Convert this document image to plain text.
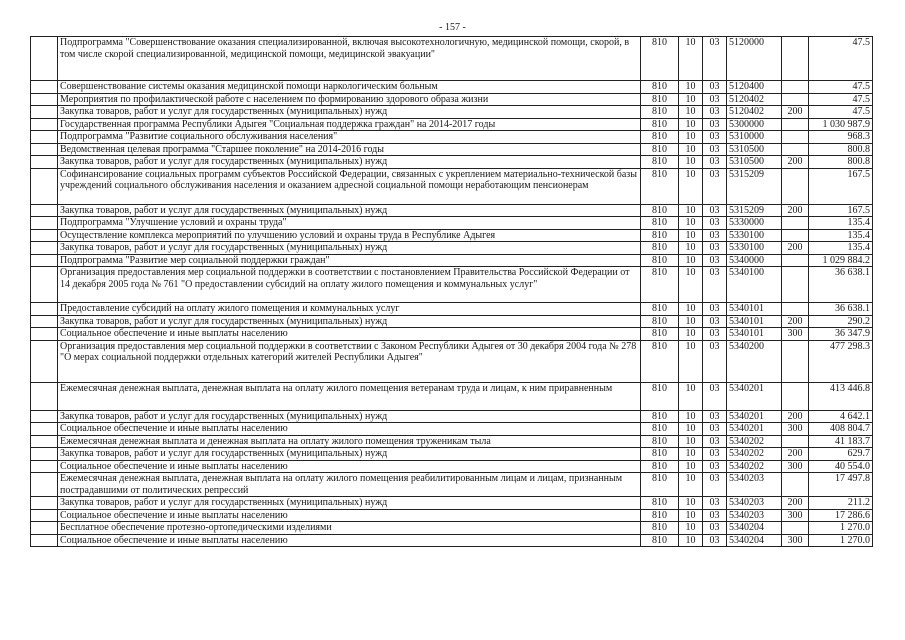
- 157 -
	Подпрограмма "Совершенствование оказания специализированной, включая высокотехнологичную, медицинской помощи, скорой, в том числе скорой специализированной, медицинской помощи, медицинской эвакуации"	810	10	03	5120000		47.5
	Совершенствование системы оказания медицинской помощи наркологическим больным	810	10	03	5120400		47.5
	Мероприятия по профилактической работе с населением по формированию здорового образа жизни	810	10	03	5120402		47.5
	Закупка товаров, работ и услуг для государственных (муниципальных) нужд	810	10	03	5120402	200	47.5
	Государственная программа Республики Адыгея "Социальная поддержка граждан" на 2014-2017 годы	810	10	03	5300000		1 030 987.9
	Подпрограмма "Развитие социального обслуживания населения"	810	10	03	5310000		968.3
	Ведомственная целевая программа "Старшее поколение" на 2014-2016 годы	810	10	03	5310500		800.8
	Закупка товаров, работ и услуг для государственных (муниципальных) нужд	810	10	03	5310500	200	800.8
	Софинансирование социальных программ субъектов Российской Федерации, связанных с укреплением материально-технической базы учреждений социального обслуживания населения и оказанием адресной социальной помощи неработающим пенсионерам	810	10	03	5315209		167.5
	Закупка товаров, работ и услуг для государственных (муниципальных) нужд	810	10	03	5315209	200	167.5
	Подпрограмма "Улучшение условий и охраны труда"	810	10	03	5330000		135.4
	Осуществление комплекса мероприятий по улучшению условий и охраны труда в Республике Адыгея	810	10	03	5330100		135.4
	Закупка товаров, работ и услуг для государственных (муниципальных) нужд	810	10	03	5330100	200	135.4
	Подпрограмма "Развитие мер социальной поддержки граждан"	810	10	03	5340000		1 029 884.2
	Организация предоставления мер социальной поддержки в соответствии с постановлением Правительства Российской Федерации от 14 декабря 2005 года № 761 "О предоставлении субсидий на оплату жилого помещения и коммунальных услуг"	810	10	03	5340100		36 638.1
	Предоставление субсидий на оплату жилого помещения и коммунальных услуг	810	10	03	5340101		36 638.1
	Закупка товаров, работ и услуг для государственных (муниципальных) нужд	810	10	03	5340101	200	290.2
	Социальное обеспечение и иные выплаты населению	810	10	03	5340101	300	36 347.9
	Организация предоставления мер социальной поддержки в соответствии с Законом Республики Адыгея от 30 декабря 2004 года № 278 "О мерах социальной поддержки отдельных категорий жителей Республики Адыгея"	810	10	03	5340200		477 298.3
	Ежемесячная денежная выплата, денежная выплата на оплату жилого помещения ветеранам труда и лицам, к ним приравненным	810	10	03	5340201		413 446.8
	Закупка товаров, работ и услуг для государственных (муниципальных) нужд	810	10	03	5340201	200	4 642.1
	Социальное обеспечение и иные выплаты населению	810	10	03	5340201	300	408 804.7
	Ежемесячная денежная выплата и денежная выплата на оплату жилого помещения труженикам тыла	810	10	03	5340202		41 183.7
	Закупка товаров, работ и услуг для государственных (муниципальных) нужд	810	10	03	5340202	200	629.7
	Социальное обеспечение и иные выплаты населению	810	10	03	5340202	300	40 554.0
	Ежемесячная денежная выплата, денежная выплата на оплату жилого помещения реабилитированным лицам и лицам, признанным пострадавшими от политических репрессий	810	10	03	5340203		17 497.8
	Закупка товаров, работ и услуг для государственных (муниципальных) нужд	810	10	03	5340203	200	211.2
	Социальное обеспечение и иные выплаты населению	810	10	03	5340203	300	17 286.6
	Бесплатное обеспечение протезно-ортопедическими изделиями	810	10	03	5340204		1 270.0
	Социальное обеспечение и иные выплаты населению	810	10	03	5340204	300	1 270.0
